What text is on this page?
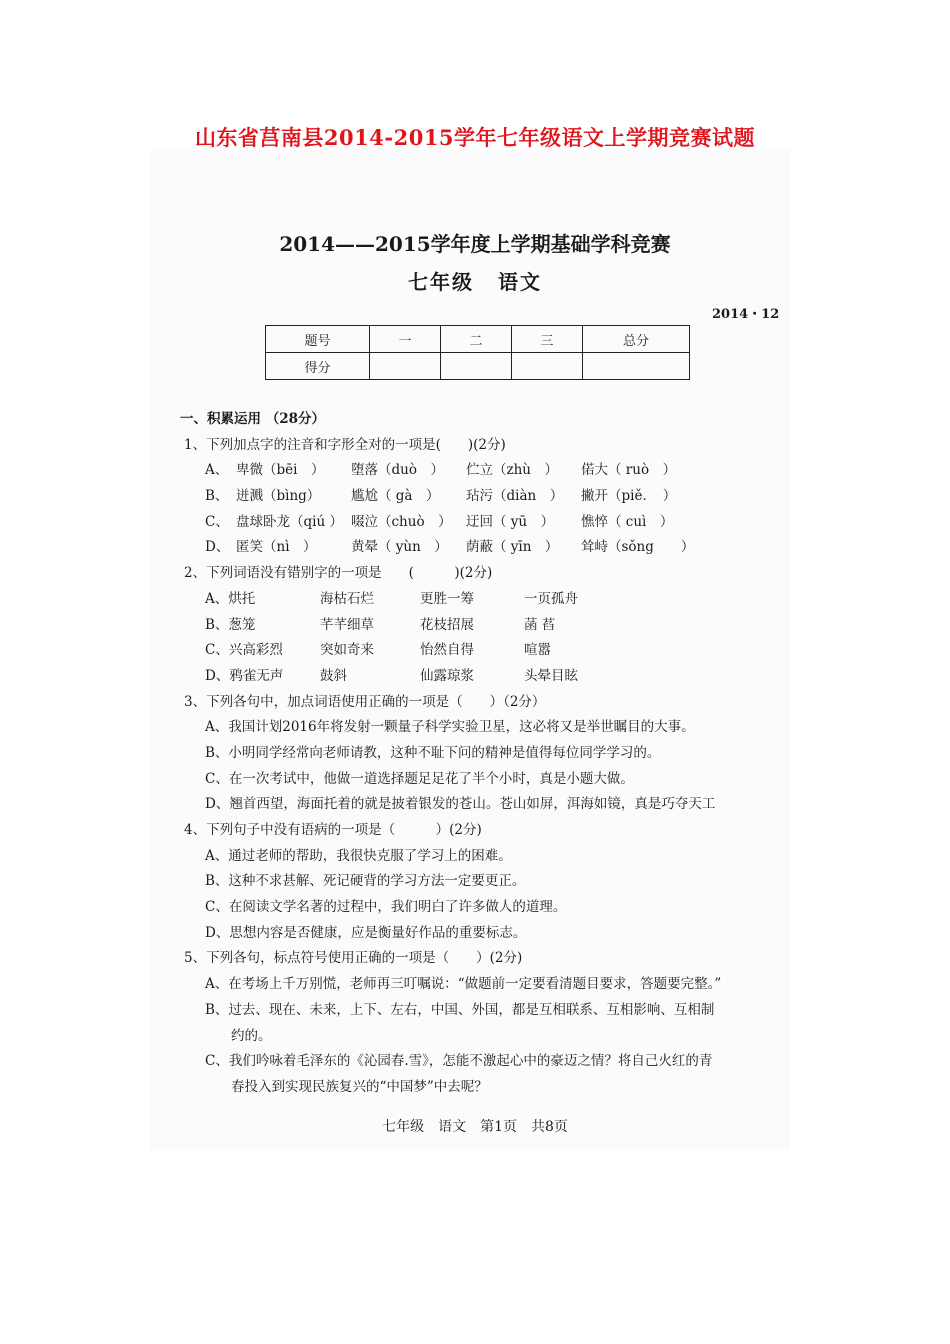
山东省莒南县2014-2015学年七年级语文上学期竞赛试题
2014——2015学年度上学期基础学科竞赛
七年级 语文
2014・12
题号	一	二	三	总分
得分				
一、积累运用 （28分）
1、下列加点字的注音和字形全对的一项是(　　)(2分)
A、 卑微（bēi　）	堕落（duò　）	伫立（zhù　）	偌大（ ruò　）
B、 迸溅（bìng）	尴尬（ gà　）	玷污（diàn　）	撇开（piě．　）
C、 盘球卧龙（qiú ） 啜泣（chuò　）	迂回（ yū　）	憔悴（ cuì　）
D、 匿笑（nì　）	黄晕（ yùn　）	荫蔽（ yīn　）	耸峙（sǒng　　）
2、下列词语没有错别字的一项是　　(　　　)(2分)
A、烘托	海枯石烂	更胜一筹	一页孤舟
B、葱笼	芊芊细草	花枝招展	菡 萏
C、兴高彩烈	突如奇来	怡然自得	喧嚣
D、鸦雀无声	鼓斜	仙露琼浆	头晕目眩
3、下列各句中，加点词语使用正确的一项是（　　）（2分）
A、我国计划2016年将发射一颗量子科学实验卫星，这必将又是举世瞩目的大事。
B、小明同学经常向老师请教，这种不耻下问的精神是值得每位同学学习的。
C、在一次考试中，他做一道选择题足足花了半个小时，真是小题大做。
D、翘首西望，海面托着的就是披着银发的苍山。苍山如屏，洱海如镜，真是巧夺天工
4、下列句子中没有语病的一项是（　　　）(2分)
A、通过老师的帮助，我很快克服了学习上的困难。
B、这种不求甚解、死记硬背的学习方法一定要更正。
C、在阅读文学名著的过程中，我们明白了许多做人的道理。
D、思想内容是否健康，应是衡量好作品的重要标志。
5、下列各句，标点符号使用正确的一项是（　　）(2分)
A、在考场上千万别慌，老师再三叮嘱说：“做题前一定要看清题目要求，答题要完整。”
B、过去、现在、未来，上下、左右，中国、外国，都是互相联系、互相影响、互相制
约的。
C、我们吟咏着毛泽东的《沁园春.雪》，怎能不激起心中的豪迈之情？将自己火红的青
春投入到实现民族复兴的“中国梦”中去呢？
七年级　语文　第1页　共8页
